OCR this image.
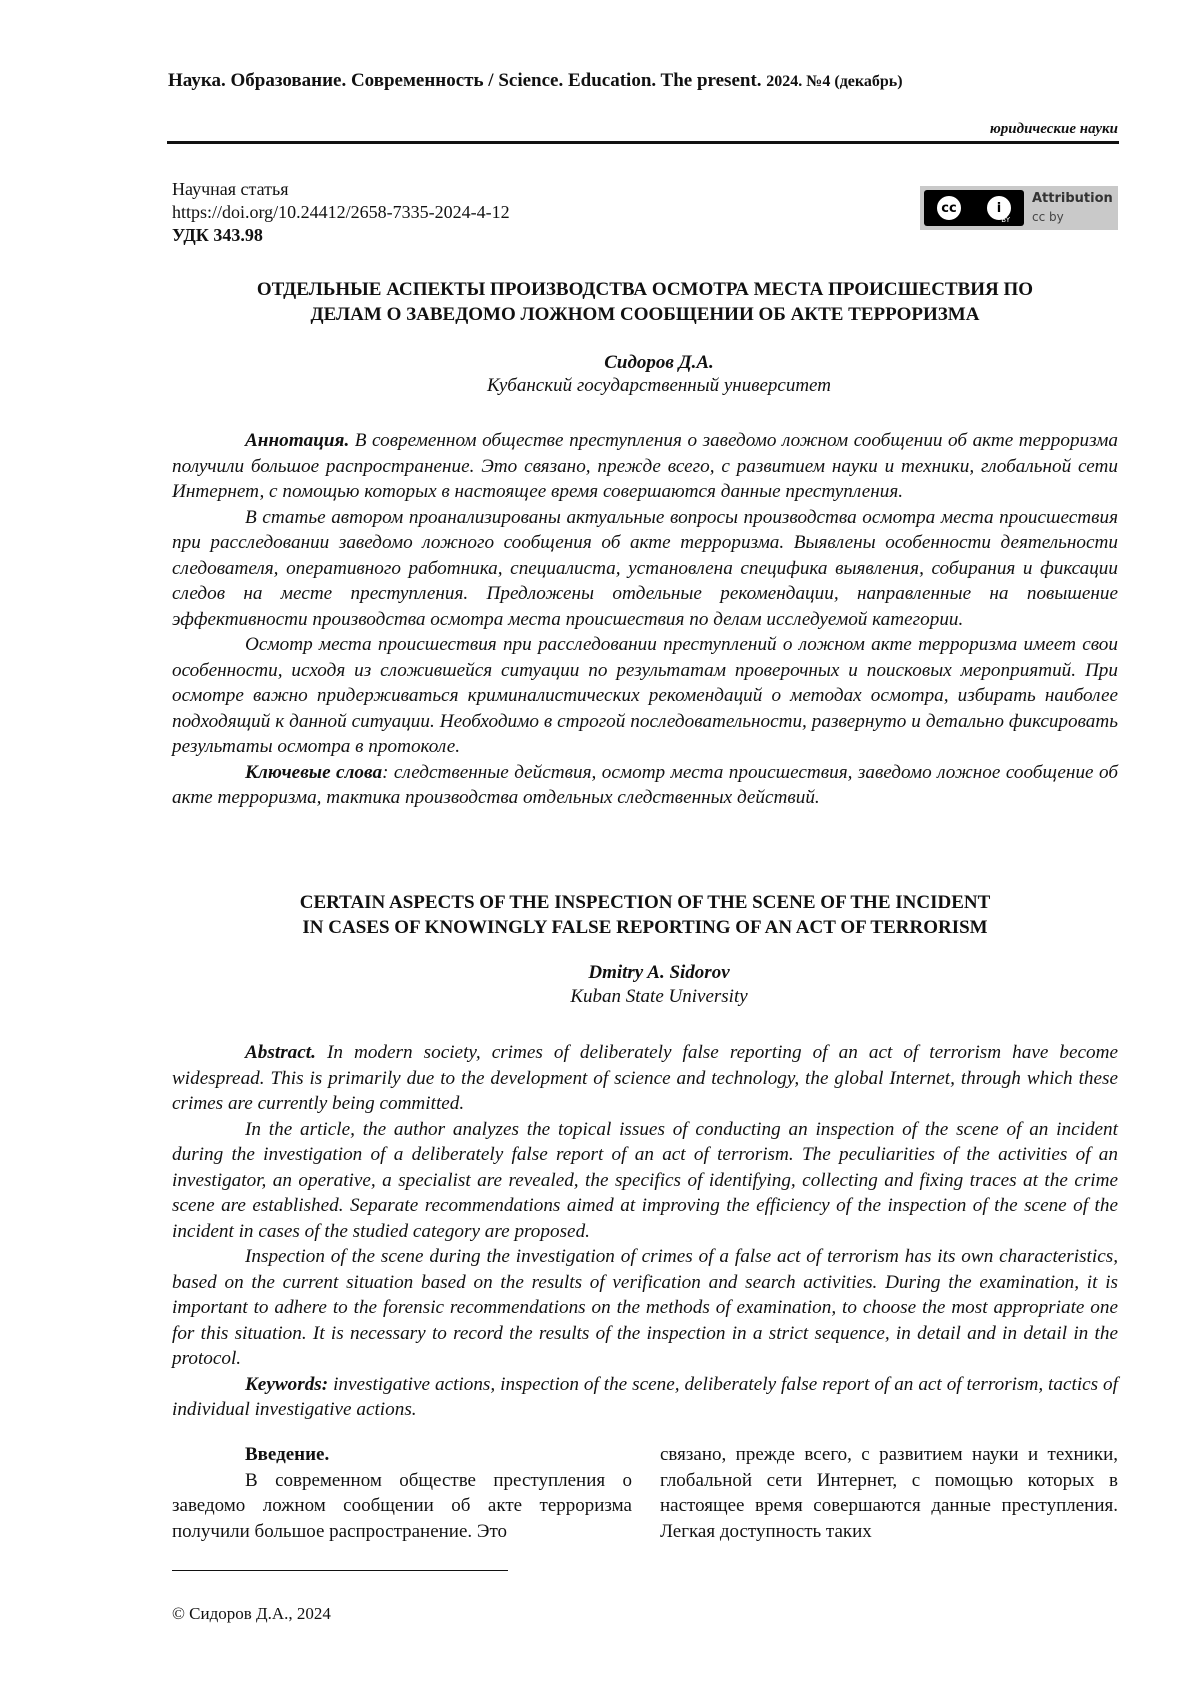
Наука. Образование. Современность / Science. Education. The present. 2024. №4 (декабрь)
юридические науки
Научная статья
https://doi.org/10.24412/2658-7335-2024-4-12
УДК 343.98
cc	i
BY
Attribution
cc by
ОТДЕЛЬНЫЕ АСПЕКТЫ ПРОИЗВОДСТВА ОСМОТРА МЕСТА ПРОИСШЕСТВИЯ ПО
ДЕЛАМ О ЗАВЕДОМО ЛОЖНОМ СООБЩЕНИИ ОБ АКТЕ ТЕРРОРИЗМА
Сидоров Д.А.
Кубанский государственный университет

Аннотация. В современном обществе преступления о заведомо ложном сообщении об акте терроризма получили большое распространение. Это связано, прежде всего, с развитием науки и техники, глобальной сети Интернет, с помощью которых в настоящее время совершаются данные преступления.

В статье автором проанализированы актуальные вопросы производства осмотра места происшествия при расследовании заведомо ложного сообщения об акте терроризма. Выявлены особенности деятельности следователя, оперативного работника, специалиста, установлена специфика выявления, собирания и фиксации следов на месте преступления. Предложены отдельные рекомендации, направленные на повышение эффективности производства осмотра места происшествия по делам исследуемой категории.

Осмотр места происшествия при расследовании преступлений о ложном акте терроризма имеет свои особенности, исходя из сложившейся ситуации по результатам проверочных и поисковых мероприятий. При осмотре важно придерживаться криминалистических рекомендаций о методах осмотра, избирать наиболее подходящий к данной ситуации. Необходимо в строгой последовательности, развернуто и детально фиксировать результаты осмотра в протоколе.

Ключевые слова: следственные действия, осмотр места происшествия, заведомо ложное сообщение об акте терроризма, тактика производства отдельных следственных действий.

CERTAIN ASPECTS OF THE INSPECTION OF THE SCENE OF THE INCIDENT
IN CASES OF KNOWINGLY FALSE REPORTING OF AN ACT OF TERRORISM
Dmitry A. Sidorov
Kuban State University

Abstract. In modern society, crimes of deliberately false reporting of an act of terrorism have become widespread. This is primarily due to the development of science and technology, the global Internet, through which these crimes are currently being committed.

In the article, the author analyzes the topical issues of conducting an inspection of the scene of an incident during the investigation of a deliberately false report of an act of terrorism. The peculiarities of the activities of an investigator, an operative, a specialist are revealed, the specifics of identifying, collecting and fixing traces at the crime scene are established. Separate recommendations aimed at improving the efficiency of the inspection of the scene of the incident in cases of the studied category are proposed.

Inspection of the scene during the investigation of crimes of a false act of terrorism has its own characteristics, based on the current situation based on the results of verification and search activities. During the examination, it is important to adhere to the forensic recommendations on the methods of examination, to choose the most appropriate one for this situation. It is necessary to record the results of the inspection in a strict sequence, in detail and in detail in the protocol.

Keywords: investigative actions, inspection of the scene, deliberately false report of an act of terrorism, tactics of individual investigative actions.

Введение.

В современном обществе преступления о заведомо ложном сообщении об акте терроризма получили большое распространение. Это

связано, прежде всего, с развитием науки и техники, глобальной сети Интернет, с помощью которых в настоящее время совершаются данные преступления. Легкая доступность таких

© Сидоров Д.А., 2024
